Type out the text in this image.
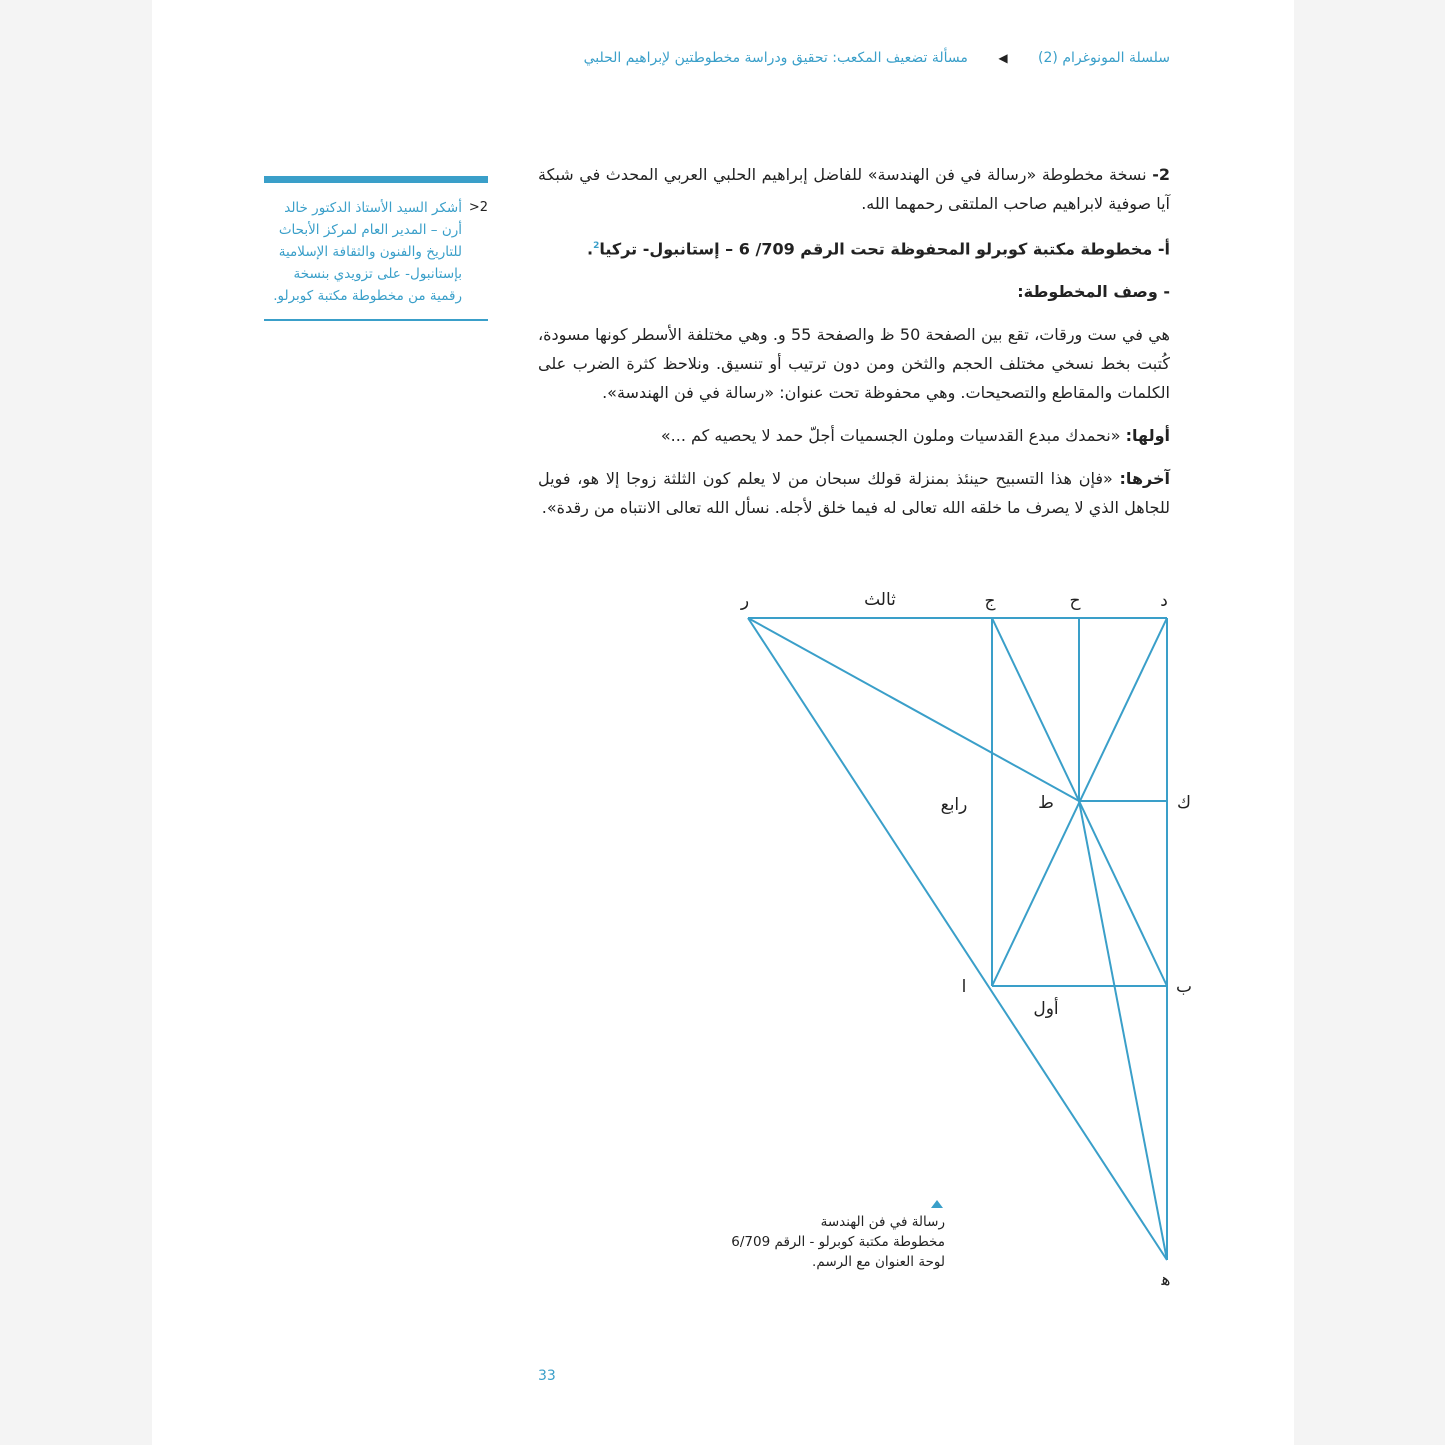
سلسلة المونوغرام (2) ◀ مسألة تضعيف المكعب: تحقيق ودراسة مخطوطتين لإبراهيم الحلبي

2- نسخة مخطوطة «رسالة في فن الهندسة» للفاضل إبراهيم الحلبي العربي المحدث في شبكة آيا صوفية لابراهيم صاحب الملتقى رحمهما الله.

أ- مخطوطة مكتبة كوبرلو المحفوظة تحت الرقم 709/ 6 – إستانبول- تركيا$^2$.

- وصف المخطوطة:

هي في ست ورقات، تقع بين الصفحة 50 ظ والصفحة 55 و. وهي مختلفة الأسطر كونها مسودة، كُتبت بخط نسخي مختلف الحجم والثخن ومن دون ترتيب أو تنسيق. ونلاحظ كثرة الضرب على الكلمات والمقاطع والتصحيحات. وهي محفوظة تحت عنوان: «رسالة في فن الهندسة».

أولها: «نحمدك مبدع القدسيات وملون الجسميات أجلّ حمد لا يحصيه كم ...»

آخرها: «فإن هذا التسبيح حينئذ بمنزلة قولك سبحان من لا يعلم كون الثلثة زوجا إلا هو، فويل للجاهل الذي لا يصرف ما خلقه الله تعالى له فيما خلق لأجله. نسأل الله تعالى الانتباه من رقدة».

2<
أشكر السيد الأستاذ الدكتور خالد أرن – المدير العام لمركز الأبحاث للتاريخ والفنون والثقافة الإسلامية بإستانبول- على تزويدي بنسخة رقمية من مخطوطة مكتبة كوبرلو.
ر	ثالث	ج	ح	د
ك
ط
رابع
ا	ب
أول
ﻫ
رسالة في فن الهندسة
مخطوطة مكتبة كوبرلو - الرقم 6/709
لوحة العنوان مع الرسم.
33
